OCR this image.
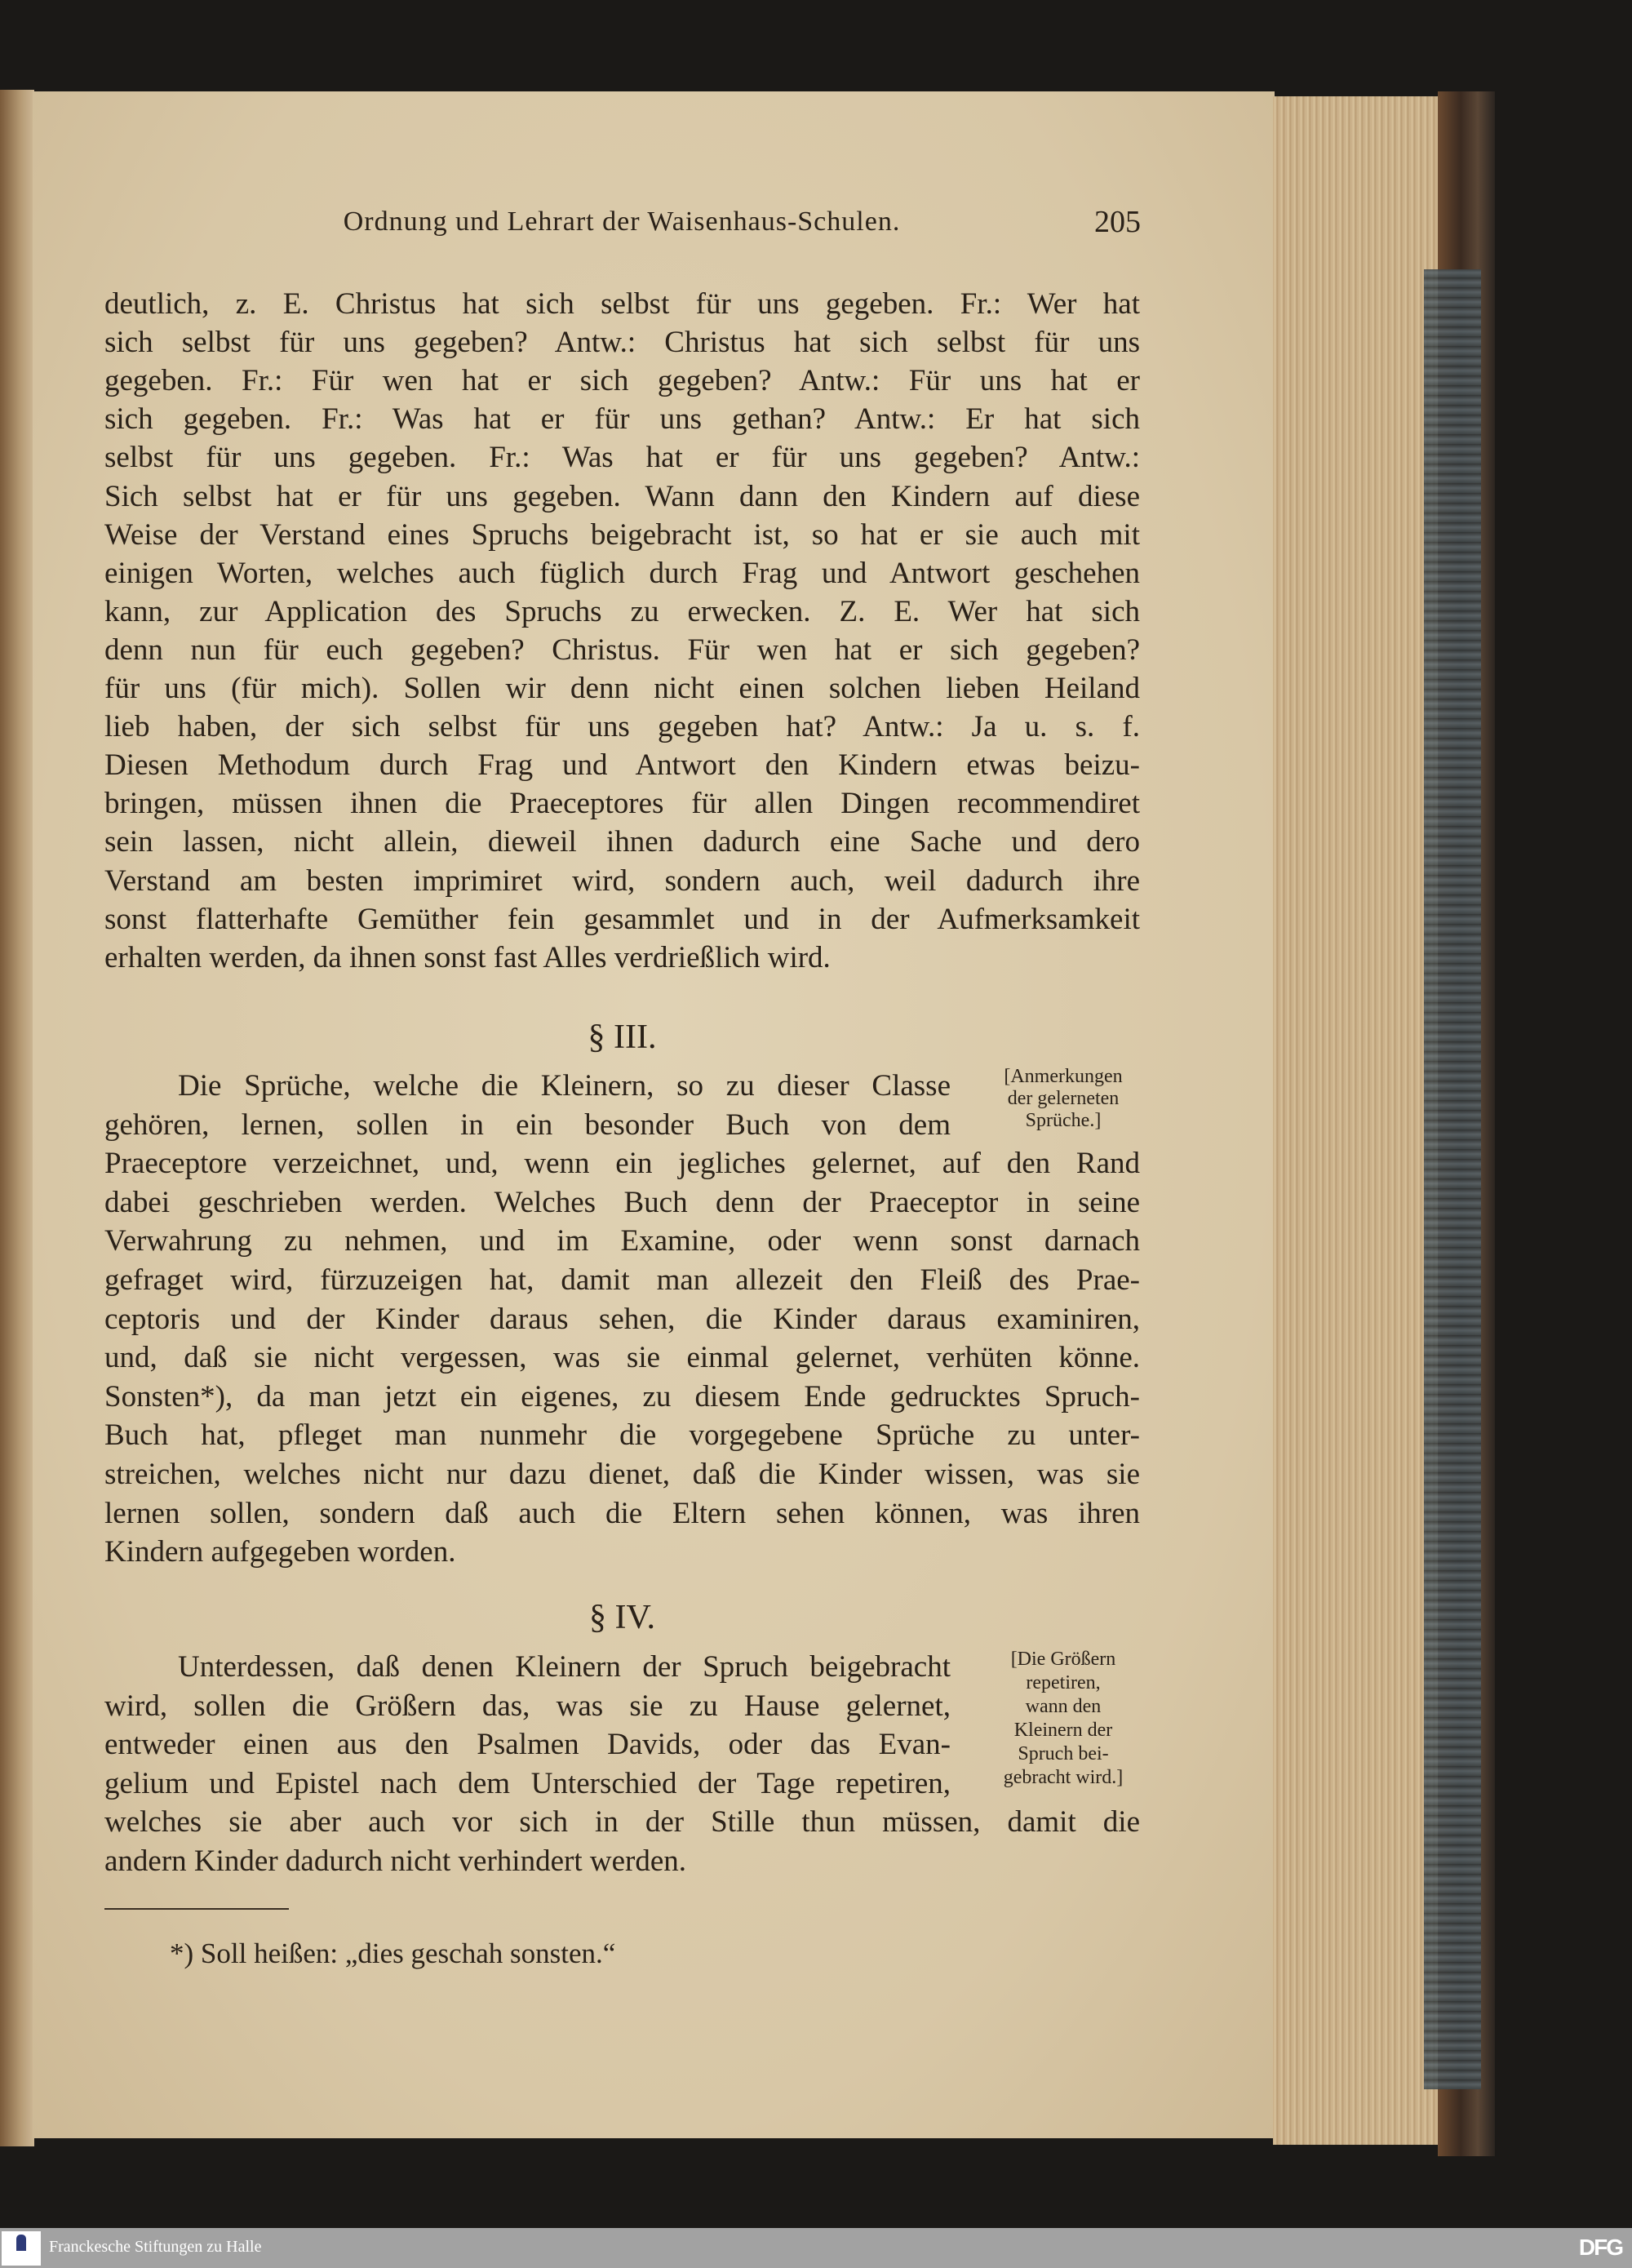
Ordnung und Lehrart der Waisenhaus-Schulen.	205
deutlich, z. E. Christus hat sich selbst für uns gegeben. Fr.: Wer hat
sich selbst für uns gegeben? Antw.: Christus hat sich selbst für uns
gegeben. Fr.: Für wen hat er sich gegeben? Antw.: Für uns hat er
sich gegeben. Fr.: Was hat er für uns gethan? Antw.: Er hat sich
selbst für uns gegeben. Fr.: Was hat er für uns gegeben? Antw.:
Sich selbst hat er für uns gegeben. Wann dann den Kindern auf diese
Weise der Verstand eines Spruchs beigebracht ist, so hat er sie auch mit
einigen Worten, welches auch füglich durch Frag und Antwort geschehen
kann, zur Application des Spruchs zu erwecken. Z. E. Wer hat sich
denn nun für euch gegeben? Christus. Für wen hat er sich gegeben?
für uns (für mich). Sollen wir denn nicht einen solchen lieben Heiland
lieb haben, der sich selbst für uns gegeben hat? Antw.: Ja u. s. f.
Diesen Methodum durch Frag und Antwort den Kindern etwas beizu-
bringen, müssen ihnen die Praeceptores für allen Dingen recommendiret
sein lassen, nicht allein, dieweil ihnen dadurch eine Sache und dero
Verstand am besten imprimiret wird, sondern auch, weil dadurch ihre
sonst flatterhafte Gemüther fein gesammlet und in der Aufmerksamkeit
erhalten werden, da ihnen sonst fast Alles verdrießlich wird.
Die Sprüche, welche die Kleinern, so zu dieser Classe
gehören, lernen, sollen in ein besonder Buch von dem
Praeceptore verzeichnet, und, wenn ein jegliches gelernet, auf den Rand
dabei geschrieben werden. Welches Buch denn der Praeceptor in seine
Verwahrung zu nehmen, und im Examine, oder wenn sonst darnach
gefraget wird, fürzuzeigen hat, damit man allezeit den Fleiß des Prae-
ceptoris und der Kinder daraus sehen, die Kinder daraus examiniren,
und, daß sie nicht vergessen, was sie einmal gelernet, verhüten könne.
Sonsten*), da man jetzt ein eigenes, zu diesem Ende gedrucktes Spruch-
Buch hat, pfleget man nunmehr die vorgegebene Sprüche zu unter-
streichen, welches nicht nur dazu dienet, daß die Kinder wissen, was sie
lernen sollen, sondern daß auch die Eltern sehen können, was ihren
Kindern aufgegeben worden.
Unterdessen, daß denen Kleinern der Spruch beigebracht
wird, sollen die Größern das, was sie zu Hause gelernet,
entweder einen aus den Psalmen Davids, oder das Evan-
gelium und Epistel nach dem Unterschied der Tage repetiren,
welches sie aber auch vor sich in der Stille thun müssen, damit die
andern Kinder dadurch nicht verhindert werden.
[Anmerkungen
der gelerneten
Sprüche.]
[Die Größern
repetiren,
wann den
Kleinern der
Spruch bei-
gebracht wird.]
§ III.
§ IV.
*) Soll heißen: „dies geschah sonsten.“
Franckesche Stiftungen zu Halle	DFG
